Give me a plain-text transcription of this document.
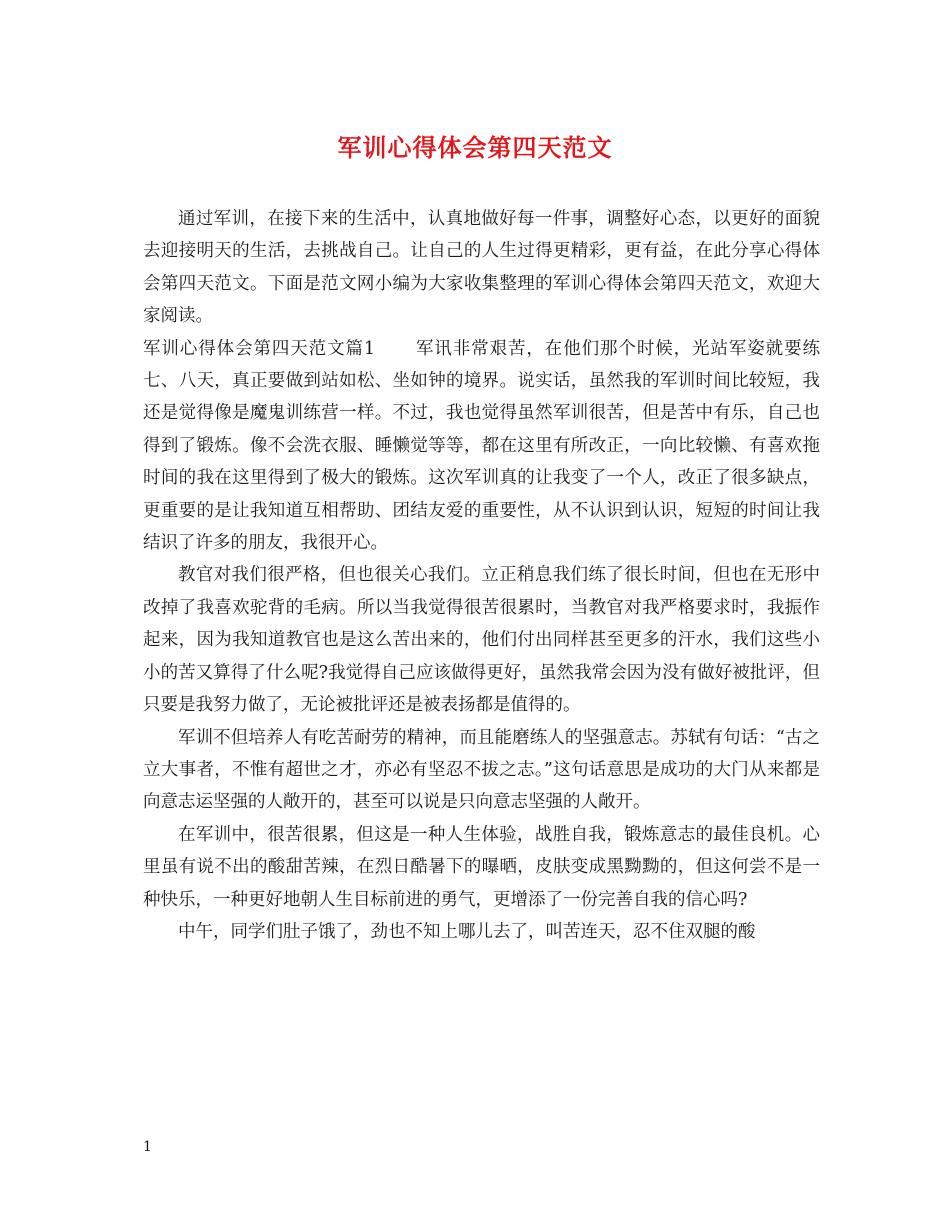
军训心得体会第四天范文

通过军训，在接下来的生活中，认真地做好每一件事，调整好心态，以更好的面貌去迎接明天的生活，去挑战自己。让自己的人生过得更精彩，更有益，在此分享心得体会第四天范文。下面是范文网小编为大家收集整理的军训心得体会第四天范文，欢迎大家阅读。

军训心得体会第四天范文篇1 军讯非常艰苦，在他们那个时候，光站军姿就要练七、八天，真正要做到站如松、坐如钟的境界。说实话，虽然我的军训时间比较短，我还是觉得像是魔鬼训练营一样。不过，我也觉得虽然军训很苦，但是苦中有乐，自己也得到了锻炼。像不会洗衣服、睡懒觉等等，都在这里有所改正，一向比较懒、有喜欢拖时间的我在这里得到了极大的锻炼。这次军训真的让我变了一个人，改正了很多缺点，更重要的是让我知道互相帮助、团结友爱的重要性，从不认识到认识，短短的时间让我结识了许多的朋友，我很开心。

教官对我们很严格，但也很关心我们。立正稍息我们练了很长时间，但也在无形中改掉了我喜欢驼背的毛病。所以当我觉得很苦很累时，当教官对我严格要求时，我振作起来，因为我知道教官也是这么苦出来的，他们付出同样甚至更多的汗水，我们这些小小的苦又算得了什么呢?我觉得自己应该做得更好，虽然我常会因为没有做好被批评，但只要是我努力做了，无论被批评还是被表扬都是值得的。

军训不但培养人有吃苦耐劳的精神，而且能磨练人的坚强意志。苏轼有句话：“古之立大事者，不惟有超世之才，亦必有坚忍不拔之志。”这句话意思是成功的大门从来都是向意志运坚强的人敞开的，甚至可以说是只向意志坚强的人敞开。

在军训中，很苦很累，但这是一种人生体验，战胜自我，锻炼意志的最佳良机。心里虽有说不出的酸甜苦辣，在烈日酷暑下的曝晒，皮肤变成黑黝黝的，但这何尝不是一种快乐，一种更好地朝人生目标前进的勇气，更增添了一份完善自我的信心吗?

中午，同学们肚子饿了，劲也不知上哪儿去了，叫苦连天，忍不住双腿的酸

1
